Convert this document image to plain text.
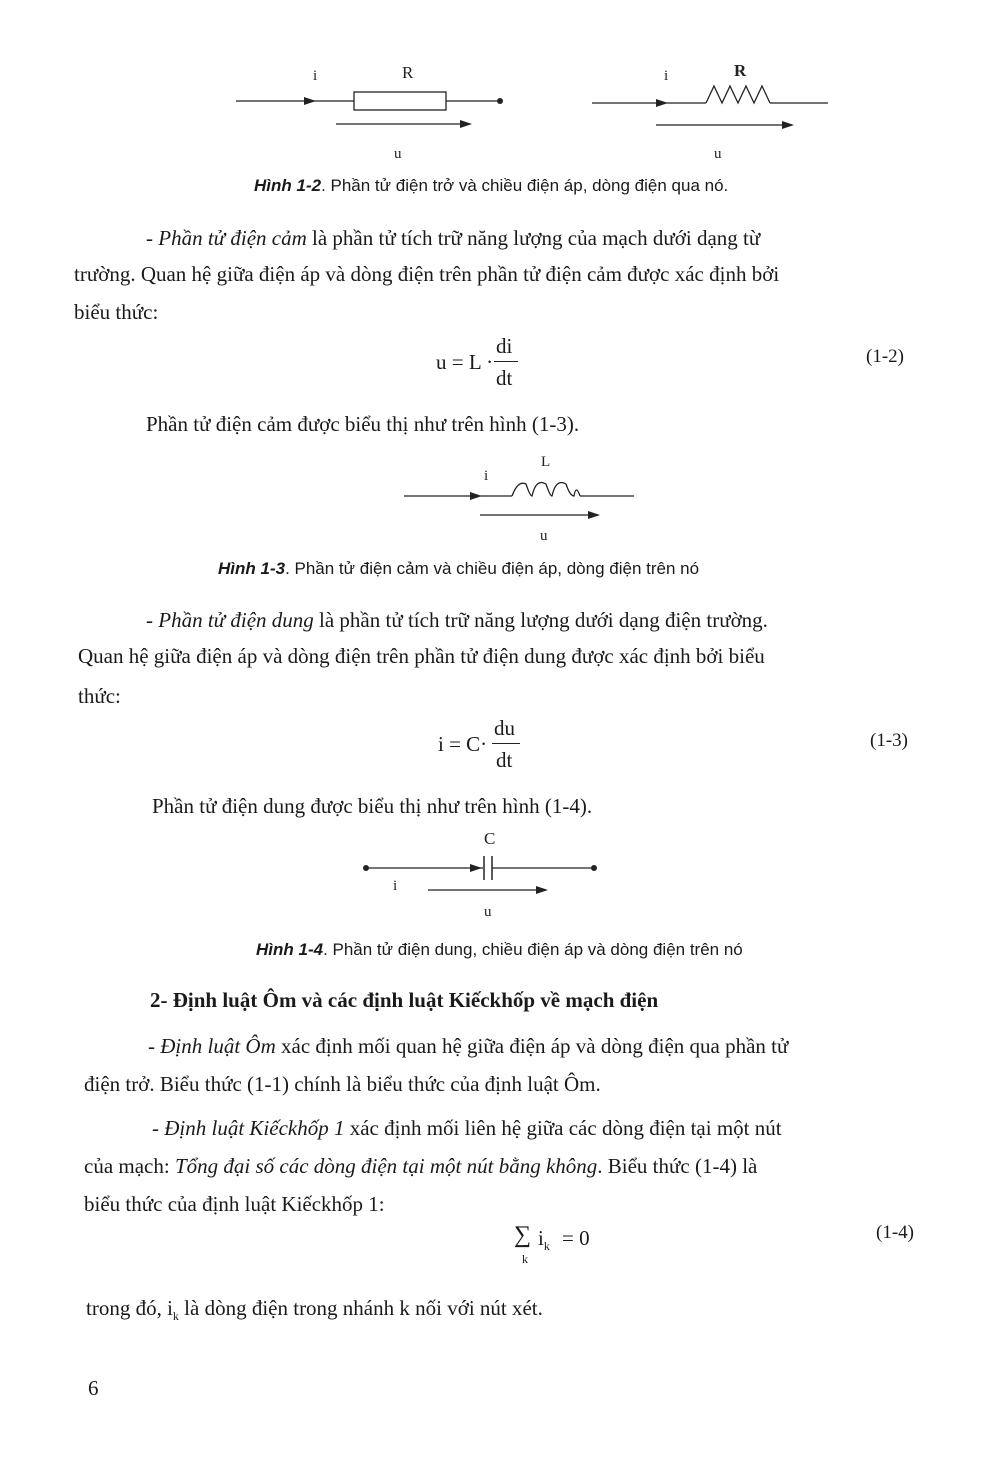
i	R
u
i	R
u
Hình 1-2. Phần tử điện trở và chiều điện áp, dòng điện qua nó.
- Phần tử điện cảm là phần tử tích trữ năng lượng của mạch dưới dạng từ
trường. Quan hệ giữa điện áp và dòng điện trên phần tử điện cảm được xác định bởi
biểu thức:
u = L ·
di
dt
(1-2)
Phần tử điện cảm được biểu thị như trên hình (1-3).
L
i
u
Hình 1-3. Phần tử điện cảm và chiều điện áp, dòng điện trên nó
- Phần tử điện dung là phần tử tích trữ năng lượng dưới dạng điện trường.
Quan hệ giữa điện áp và dòng điện trên phần tử điện dung được xác định bởi biểu
thức:
i = C·
du
dt
(1-3)
Phần tử điện dung được biểu thị như trên hình (1-4).
C
i
u
Hình 1-4. Phần tử điện dung, chiều điện áp và dòng điện trên nó
2- Định luật Ôm và các định luật Kiếckhốp về mạch điện
- Định luật Ôm xác định mối quan hệ giữa điện áp và dòng điện qua phần tử
điện trở. Biểu thức (1-1) chính là biểu thức của định luật Ôm.
- Định luật Kiếckhốp 1 xác định mối liên hệ giữa các dòng điện tại một nút
của mạch: Tổng đại số các dòng điện tại một nút bằng không. Biểu thức (1-4) là
biểu thức của định luật Kiếckhốp 1:
∑ $i_k = 0$
k
(1-4)
trong đó, $i_k$ là dòng điện trong nhánh k nối với nút xét.
6
